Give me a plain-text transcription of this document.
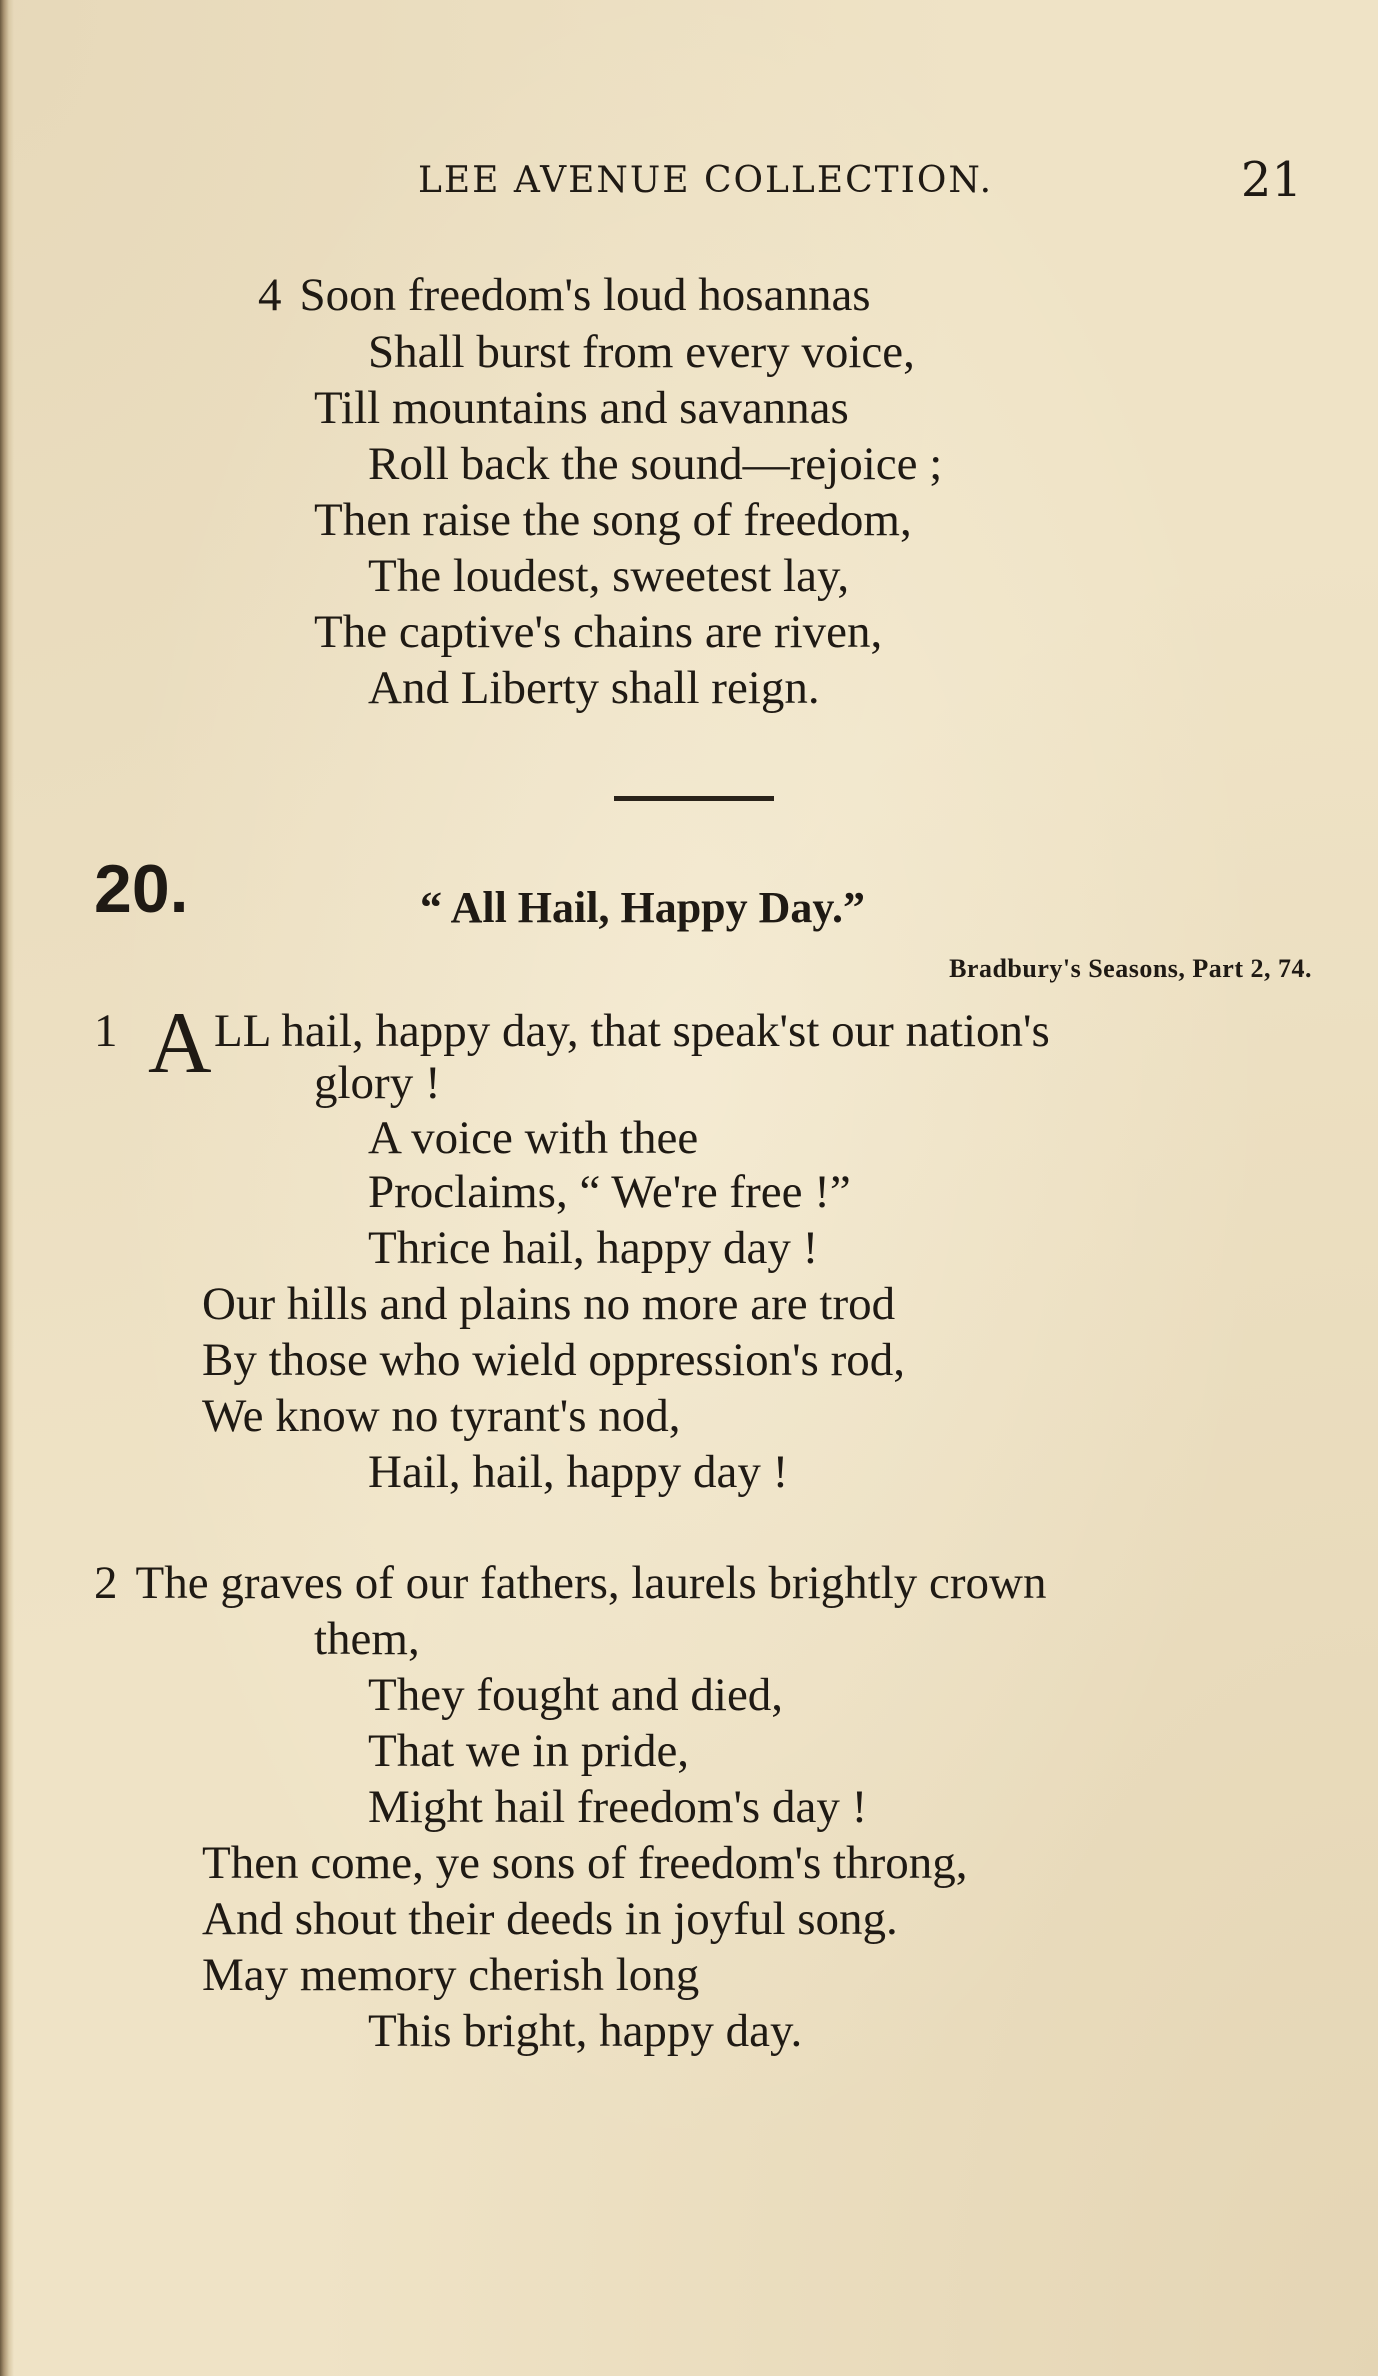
LEE AVENUE COLLECTION.	21
4 Soon freedom's loud hosannas
Shall burst from every voice,
Till mountains and savannas
Roll back the sound—rejoice ;
Then raise the song of freedom,
The loudest, sweetest lay,
The captive's chains are riven,
And Liberty shall reign.
20.	“ All Hail, Happy Day.”
Bradbury's Seasons, Part 2, 74.
1 A LL hail, happy day, that speak'st our nation's
glory !
A voice with thee
Proclaims, “ We're free !”
Thrice hail, happy day !
Our hills and plains no more are trod
By those who wield oppression's rod,
We know no tyrant's nod,
Hail, hail, happy day !
2 The graves of our fathers, laurels brightly crown
them,
They fought and died,
That we in pride,
Might hail freedom's day !
Then come, ye sons of freedom's throng,
And shout their deeds in joyful song.
May memory cherish long
This bright, happy day.
